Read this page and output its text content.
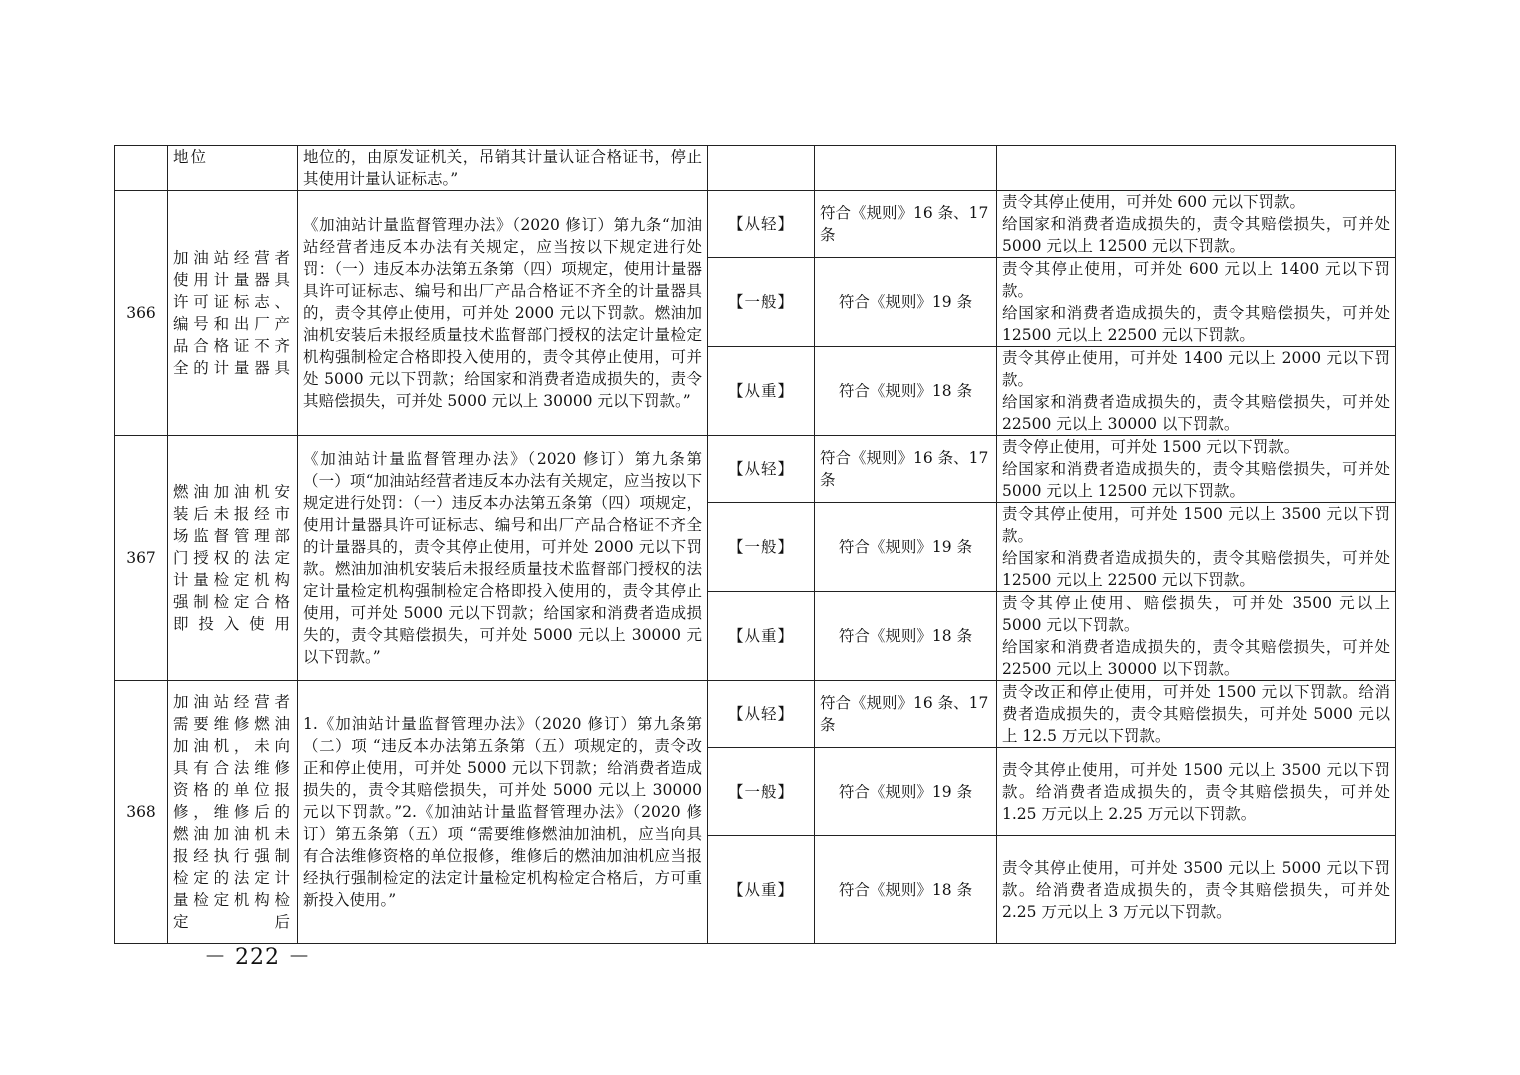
	地位	地位的，由原发证机关，吊销其计量认证合格证书，停止其使用计量认证标志。”			
366	加油站经营者使用计量器具许可证标志、编号和出厂产品合格证不齐全的计量器具	《加油站计量监督管理办法》（2020 修订）第九条“加油站经营者违反本办法有关规定，应当按以下规定进行处罚：（一）违反本办法第五条第（四）项规定，使用计量器具许可证标志、编号和出厂产品合格证不齐全的计量器具的，责令其停止使用，可并处 2000 元以下罚款。燃油加油机安装后未报经质量技术监督部门授权的法定计量检定机构强制检定合格即投入使用的，责令其停止使用，可并处 5000 元以下罚款；给国家和消费者造成损失的，责令其赔偿损失，可并处 5000 元以上 30000 元以下罚款。”	【从轻】	符合《规则》16 条、17 条	责令其停止使用，可并处 600 元以下罚款。
给国家和消费者造成损失的，责令其赔偿损失，可并处 5000 元以上 12500 元以下罚款。

			【一般】	符合《规则》19 条	责令其停止使用，可并处 600 元以上 1400 元以下罚款。
给国家和消费者造成损失的，责令其赔偿损失，可并处 12500 元以上 22500 元以下罚款。

			【从重】	符合《规则》18 条	责令其停止使用，可并处 1400 元以上 2000 元以下罚款。
给国家和消费者造成损失的，责令其赔偿损失，可并处 22500 元以上 30000 以下罚款。

367	燃油加油机安装后未报经市场监督管理部门授权的法定计量检定机构强制检定合格即投入使用	《加油站计量监督管理办法》（2020 修订）第九条第（一）项“加油站经营者违反本办法有关规定，应当按以下规定进行处罚：（一）违反本办法第五条第（四）项规定，使用计量器具许可证标志、编号和出厂产品合格证不齐全的计量器具的，责令其停止使用，可并处 2000 元以下罚款。燃油加油机安装后未报经质量技术监督部门授权的法定计量检定机构强制检定合格即投入使用的，责令其停止使用，可并处 5000 元以下罚款；给国家和消费者造成损失的，责令其赔偿损失，可并处 5000 元以上 30000 元以下罚款。”	【从轻】	符合《规则》16 条、17 条	责令停止使用，可并处 1500 元以下罚款。
给国家和消费者造成损失的，责令其赔偿损失，可并处 5000 元以上 12500 元以下罚款。

			【一般】	符合《规则》19 条	责令其停止使用，可并处 1500 元以上 3500 元以下罚款。
给国家和消费者造成损失的，责令其赔偿损失，可并处 12500 元以上 22500 元以下罚款。

			【从重】	符合《规则》18 条	责令其停止使用、赔偿损失，可并处 3500 元以上 5000 元以下罚款。
给国家和消费者造成损失的，责令其赔偿损失，可并处 22500 元以上 30000 以下罚款。

368	加油站经营者需要维修燃油加油机，未向具有合法维修资格的单位报修，维修后的燃油加油机未报经执行强制检定的法定计量检定机构检定后	1.《加油站计量监督管理办法》（2020 修订）第九条第（二）项 “违反本办法第五条第（五）项规定的，责令改正和停止使用，可并处 5000 元以下罚款；给消费者造成损失的，责令其赔偿损失，可并处 5000 元以上 30000 元以下罚款。”2.《加油站计量监督管理办法》（2020 修订）第五条第（五）项 “需要维修燃油加油机，应当向具有合法维修资格的单位报修，维修后的燃油加油机应当报经执行强制检定的法定计量检定机构检定合格后，方可重新投入使用。”	【从轻】	符合《规则》16 条、17 条	责令改正和停止使用，可并处 1500 元以下罚款。给消费者造成损失的，责令其赔偿损失，可并处 5000 元以上 12.5 万元以下罚款。

			【一般】	符合《规则》19 条	责令其停止使用，可并处 1500 元以上 3500 元以下罚款。给消费者造成损失的，责令其赔偿损失，可并处 1.25 万元以上 2.25 万元以下罚款。

			【从重】	符合《规则》18 条	责令其停止使用，可并处 3500 元以上 5000 元以下罚款。给消费者造成损失的，责令其赔偿损失，可并处 2.25 万元以上 3 万元以下罚款。
－ 222 －
